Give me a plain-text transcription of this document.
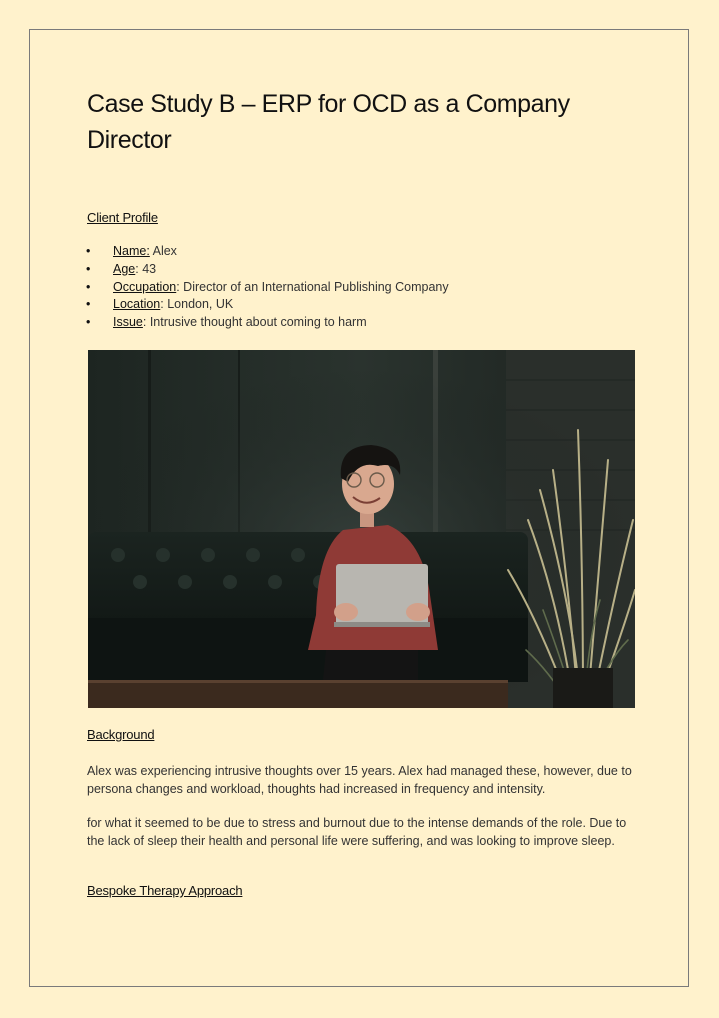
Case Study B – ERP for OCD as a Company Director
Client Profile
• Name: Alex
• Age: 43
• Occupation: Director of an International Publishing Company
• Location: London, UK
• Issue: Intrusive thought about coming to harm
Background

Alex was experiencing intrusive thoughts over 15 years. Alex had managed these, however, due to persona changes and workload, thoughts had increased in frequency and intensity.

for what it seemed to be due to stress and burnout due to the intense demands of the role. Due to the lack of sleep their health and personal life were suffering, and was looking to improve sleep.

Bespoke Therapy Approach
